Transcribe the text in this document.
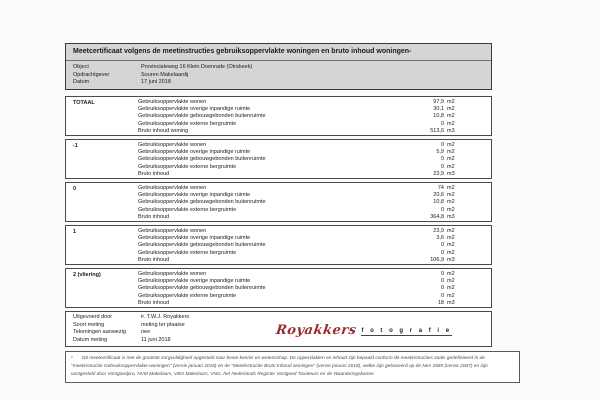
Meetcertificaat volgens de meetinstructies gebruiksoppervlakte woningen en bruto inhoud woningen-
Object	Provincialeweg 16 Klein Doenrade (Oirsbeek)
Opdrachtgever	Souren Makelaardij
Datum	17 juni 2018
TOTAAL	Gebruiksoppervlakte wonen	97,9 m2
Gebruiksoppervlakte overige inpandige ruimte	30,1 m2
Gebruiksoppervlakte gebouwgebonden buitenruimte	10,8 m2
Gebruiksoppervlakte externe bergruimte	0 m2
Bruto inhoud woning	513,6 m3
-1	Gebruiksoppervlakte wonen	0 m2
Gebruiksoppervlakte overige inpandige ruimte	5,9 m2
Gebruiksoppervlakte gebouwgebonden buitenruimte	0 m2
Gebruiksoppervlakte externe bergruimte	0 m2
Bruto inhoud	23,9 m3
0	Gebruiksoppervlakte wonen	74 m2
Gebruiksoppervlakte overige inpandige ruimte	20,6 m2
Gebruiksoppervlakte gebouwgebonden buitenruimte	10,8 m2
Gebruiksoppervlakte externe bergruimte	0 m2
Bruto inhoud	364,8 m3
1	Gebruiksoppervlakte wonen	23,9 m2
Gebruiksoppervlakte overige inpandige ruimte	3,6 m2
Gebruiksoppervlakte gebouwgebonden buitenruimte	0 m2
Gebruiksoppervlakte externe bergruimte	0 m2
Bruto inhoud	106,9 m3
2 (vliering)	Gebruiksoppervlakte wonen	0 m2
Gebruiksoppervlakte overige inpandige ruimte	0 m2
Gebruiksoppervlakte gebouwgebonden buitenruimte	0 m2
Gebruiksoppervlakte externe bergruimte	0 m2
Bruto inhoud	18 m3
Uitgevoerd door	ir. T.W.J. Royakkers
Soort meting	meting ter plaatse
Tekeningen aanwezig	nee
Datum meting	11 juni 2018
Royakkers f o t o g r a f i e
* Dit meetcertificaat is met de grootste zorgvuldigheid opgesteld naar beste kennis en wetenschap. De oppervlakten en inhoud zijn bepaald conform de meetinstructies zoals gedefinieerd in de "meetinstructie Gebruiksoppervlakte woningen" (versie januari 2018) en de "Meetinstructie Bruto Inhoud woningen" (versie januari 2018), welke zijn gebaseerd op de Nen 2580 (versie 2007) en zijn vastgesteld door Vastgoedpro, NVM Makelaars, VBO Makelaars, VNG, het Nederlands Register Vastgoed Taxateurs en de Waarderingskamer.
